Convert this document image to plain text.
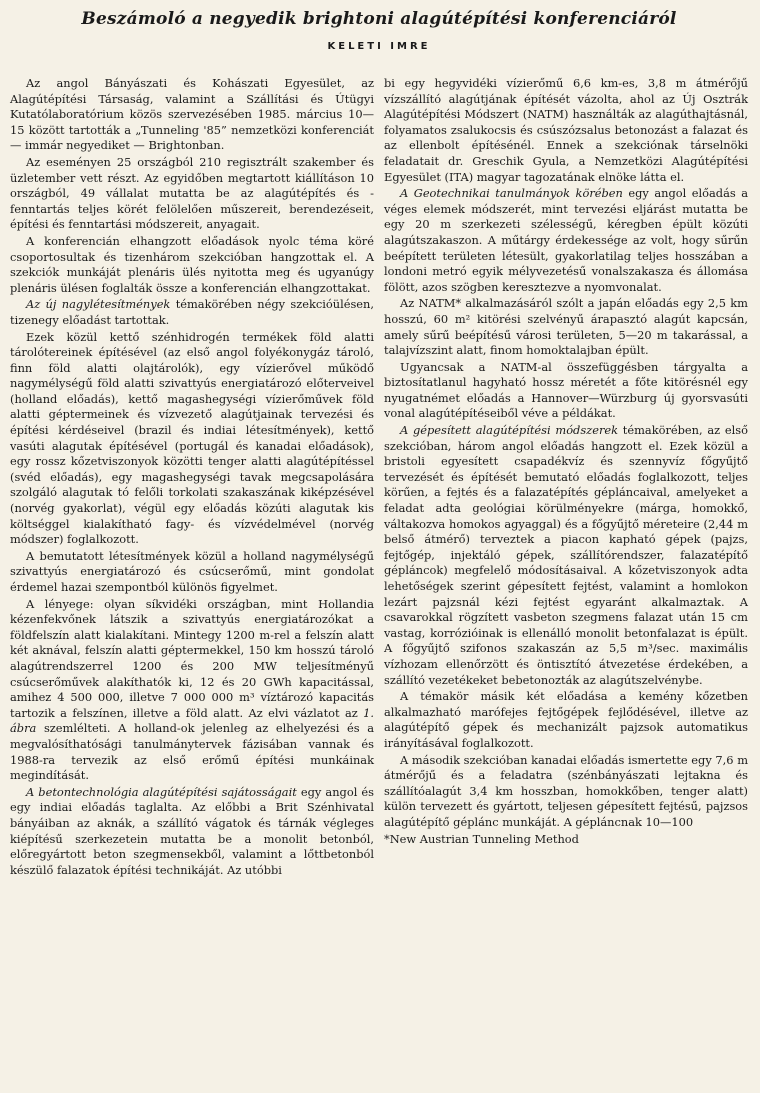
Beszámoló a negyedik brightoni alagútépítési konferenciáról
KELETI IMRE

Az angol Bányászati és Kohászati Egyesület, az Alagútépítési Társaság, valamint a Szállítási és Útügyi Kutatólaboratórium közös szervezésében 1985. március 10—15 között tartották a „Tunneling '85” nemzetközi konferenciát — immár negyediket — Brightonban.

Az eseményen 25 országból 210 regisztrált szakember és üzletember vett részt. Az egyidőben megtartott kiállításon 10 országból, 49 vállalat mutatta be az alagútépítés és -fenntartás teljes körét felölelően műszereit, berendezéseit, építési és fenntartási módszereit, anyagait.

A konferencián elhangzott előadások nyolc téma köré csoportosultak és tizenhárom szekcióban hangzottak el. A szekciók munkáját plenáris ülés nyitotta meg és ugyanúgy plenáris ülésen foglalták össze a konferencián elhangzottakat.

Az új nagylétesítmények témakörében négy szekcióülésen, tizenegy előadást tartottak.

Ezek közül kettő szénhidrogén termékek föld alatti tárolótereinek építésével (az első angol folyékonygáz tároló, finn föld alatti olajtárolók), egy vízierővel működő nagymélységű föld alatti szivattyús energiatározó előterveivel (holland előadás), kettő magashegységi vízierőművek föld alatti géptermeinek és vízvezető alagútjainak tervezési és építési kérdéseivel (brazil és indiai létesítmények), kettő vasúti alagutak építésével (portugál és kanadai előadások), egy rossz kőzetviszonyok közötti tenger alatti alagútépítéssel (svéd előadás), egy magashegységi tavak megcsapolására szolgáló alagutak tó felőli torkolati szakaszának kiképzésével (norvég gyakorlat), végül egy előadás közúti alagutak kis költséggel kialakítható fagy- és vízvédelmével (norvég módszer) foglalkozott.

A bemutatott létesítmények közül a holland nagymélységű szivattyús energiatározó és csúcserőmű, mint gondolat érdemel hazai szempontból különös figyelmet.

A lényege: olyan síkvidéki országban, mint Hollandia kézenfekvőnek látszik a szivattyús energiatározókat a földfelszín alatt kialakítani. Mintegy 1200 m-rel a felszín alatt két aknával, felszín alatti géptermekkel, 150 km hosszú tároló alagútrendszerrel 1200 és 200 MW teljesítményű csúcserőművek alakíthatók ki, 12 és 20 GWh kapacitással, amihez 4 500 000, illetve 7 000 000 m³ víztározó kapacitás tartozik a felszínen, illetve a föld alatt. Az elvi vázlatot az 1. ábra szemlélteti. A holland-ok jelenleg az elhelyezési és a megvalósíthatósági tanulmánytervek fázisában vannak és 1988-ra tervezik az első erőmű építési munkáinak megindítását.

A betontechnológia alagútépítési sajátosságait egy angol és egy indiai előadás taglalta. Az előbbi a Brit Szénhivatal bányáiban az aknák, a szállító vágatok és tárnák végleges kiépítésű szerkezetein mutatta be a monolit betonból, előregyártott beton szegmensekből, valamint a lőttbetonból készülő falazatok építési technikáját. Az utóbbi

bi egy hegyvidéki vízierőmű 6,6 km-es, 3,8 m átmérőjű vízszállító alagútjának építését vázolta, ahol az Új Osztrák Alagútépítési Módszert (NATM) használták az alagúthajtásnál, folyamatos zsalukocsis és csúszózsalus betonozást a falazat és az ellenbolt építésénél. Ennek a szekciónak társelnöki feladatait dr. Greschik Gyula, a Nemzetközi Alagútépítési Egyesület (ITA) magyar tagozatának elnöke látta el.

A Geotechnikai tanulmányok körében egy angol előadás a véges elemek módszerét, mint tervezési eljárást mutatta be egy 20 m szerkezeti szélességű, kéregben épült közúti alagútszakaszon. A műtárgy érdekessége az volt, hogy sűrűn beépített területen létesült, gyakorlatilag teljes hosszában a londoni metró egyik mélyvezetésű vonalszakasza és állomása fölött, azos szögben keresztezve a nyomvonalat.

Az NATM* alkalmazásáról szólt a japán előadás egy 2,5 km hosszú, 60 m² kitörési szelvényű árapasztó alagút kapcsán, amely sűrű beépítésű városi területen, 5—20 m takarással, a talajvízszint alatt, finom homoktalajban épült.

Ugyancsak a NATM-al összefüggésben tárgyalta a biztosítatlanul hagyható hossz méretét a főte kitörésnél egy nyugatnémet előadás a Hannover—Würzburg új gyorsvasúti vonal alagútépítéseiből véve a példákat.

A gépesített alagútépítési módszerek témakörében, az első szekcióban, három angol előadás hangzott el. Ezek közül a bristoli egyesített csapadékvíz és szennyvíz főgyűjtő tervezését és építését bemutató előadás foglalkozott, teljes körűen, a fejtés és a falazatépítés gépláncaival, amelyeket a feladat adta geológiai körülményekre (márga, homokkő, váltakozva homokos agyaggal) és a főgyűjtő méreteire (2,44 m belső átmérő) terveztek a piacon kapható gépek (pajzs, fejtőgép, injektáló gépek, szállítórendszer, falazatépítő gépláncok) megfelelő módosításaival. A kőzetviszonyok adta lehetőségek szerint gépesített fejtést, valamint a homlokon lezárt pajzsnál kézi fejtést egyaránt alkalmaztak. A csavarokkal rögzített vasbeton szegmens falazat után 15 cm vastag, korrózióinak is ellenálló monolit betonfalazat is épült. A főgyűjtő szifonos szakaszán az 5,5 m³/sec. maximális vízhozam ellenőrzött és öntisztító átvezetése érdekében, a szállító vezetékeket bebetonozták az alagútszelvénybe.

A témakör másik két előadása a kemény kőzetben alkalmazható marófejes fejtőgépek fejlődésével, illetve az alagútépítő gépek és mechanizált pajzsok automatikus irányításával foglalkozott.

A második szekcióban kanadai előadás ismertette egy 7,6 m átmérőjű és a feladatra (szénbányászati lejtakna és szállítóalagút 3,4 km hosszban, homokkőben, tenger alatt) külön tervezett és gyártott, teljesen gépesített fejtésű, pajzsos alagútépítő géplánc munkáját. A gépláncnak 10—100

*New Austrian Tunneling Method
